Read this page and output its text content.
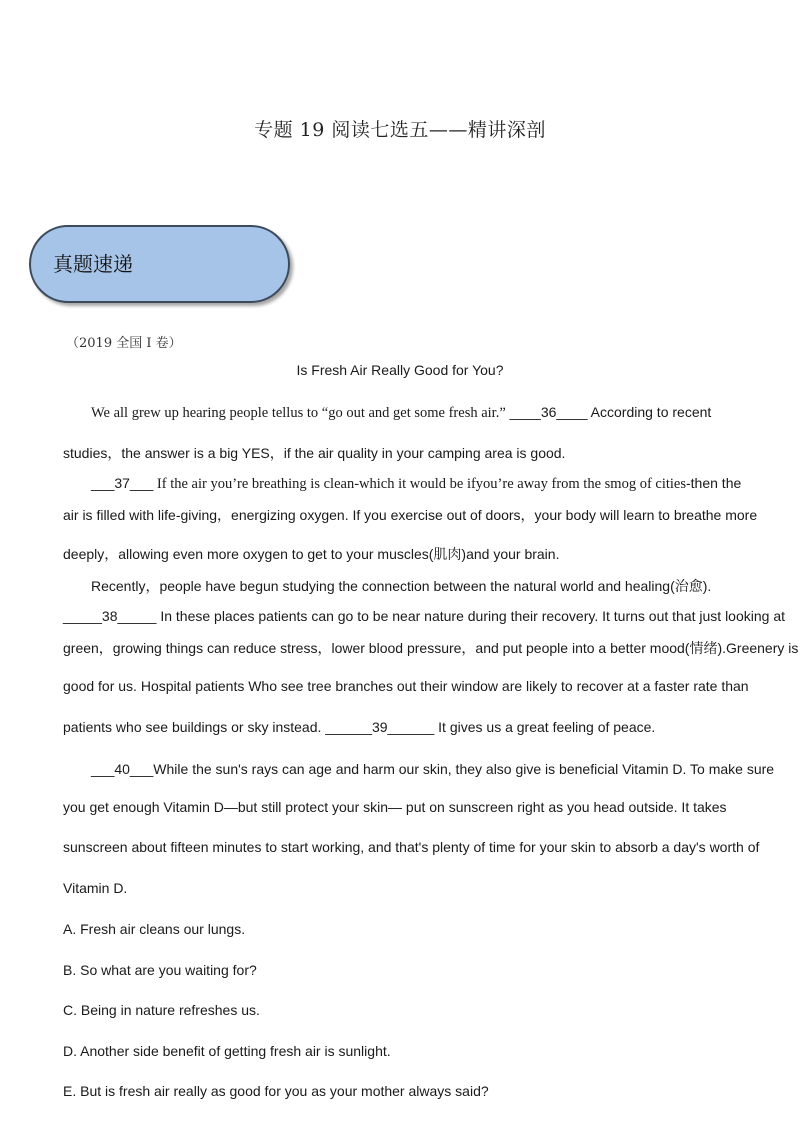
专题 19 阅读七选五——精讲深剖
真题速递
（2019 全国 I 卷）
Is Fresh Air Really Good for You?
We all grew up hearing people tellus to “go out and get some fresh air.” ____36____ According to recent
studies，the answer is a big YES，if the air quality in your camping area is good.
___37___ If the air you’re breathing is clean-which it would be ifyou’re away from the smog of cities-then the
air is filled with life-giving，energizing oxygen. If you exercise out of doors，your body will learn to breathe more
deeply，allowing even more oxygen to get to your muscles(肌肉)and your brain.
Recently，people have begun studying the connection between the natural world and healing(治愈).
_____38_____ In these places patients can go to be near nature during their recovery. It turns out that just looking at
green，growing things can reduce stress，lower blood pressure，and put people into a better mood(情绪).Greenery is
good for us. Hospital patients Who see tree branches out their window are likely to recover at a faster rate than
patients who see buildings or sky instead. ______39______ It gives us a great feeling of peace.
___40___While the sun's rays can age and harm our skin, they also give is beneficial Vitamin D. To make sure
you get enough Vitamin D—but still protect your skin— put on sunscreen right as you head outside. It takes
sunscreen about fifteen minutes to start working, and that's plenty of time for your skin to absorb a day's worth of
Vitamin D.
A. Fresh air cleans our lungs.
B. So what are you waiting for?
C. Being in nature refreshes us.
D. Another side benefit of getting fresh air is sunlight.
E. But is fresh air really as good for you as your mother always said?
